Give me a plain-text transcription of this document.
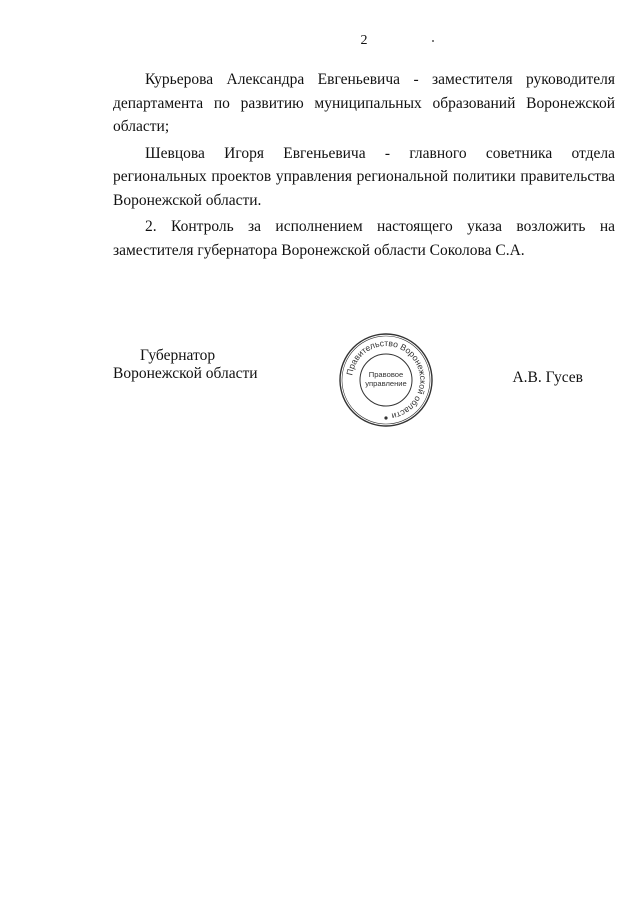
2

Курьерова Александра Евгеньевича - заместителя руководителя департамента по развитию муниципальных образований Воронежской области;

Шевцова Игоря Евгеньевича - главного советника отдела региональных проектов управления региональной политики правительства Воронежской области.

2. Контроль за исполнением настоящего указа возложить на заместителя губернатора Воронежской области Соколова С.А.

Губернатор
Воронежской области	Правительство Воронежской области
Правовое
управление	А.В. Гусев
